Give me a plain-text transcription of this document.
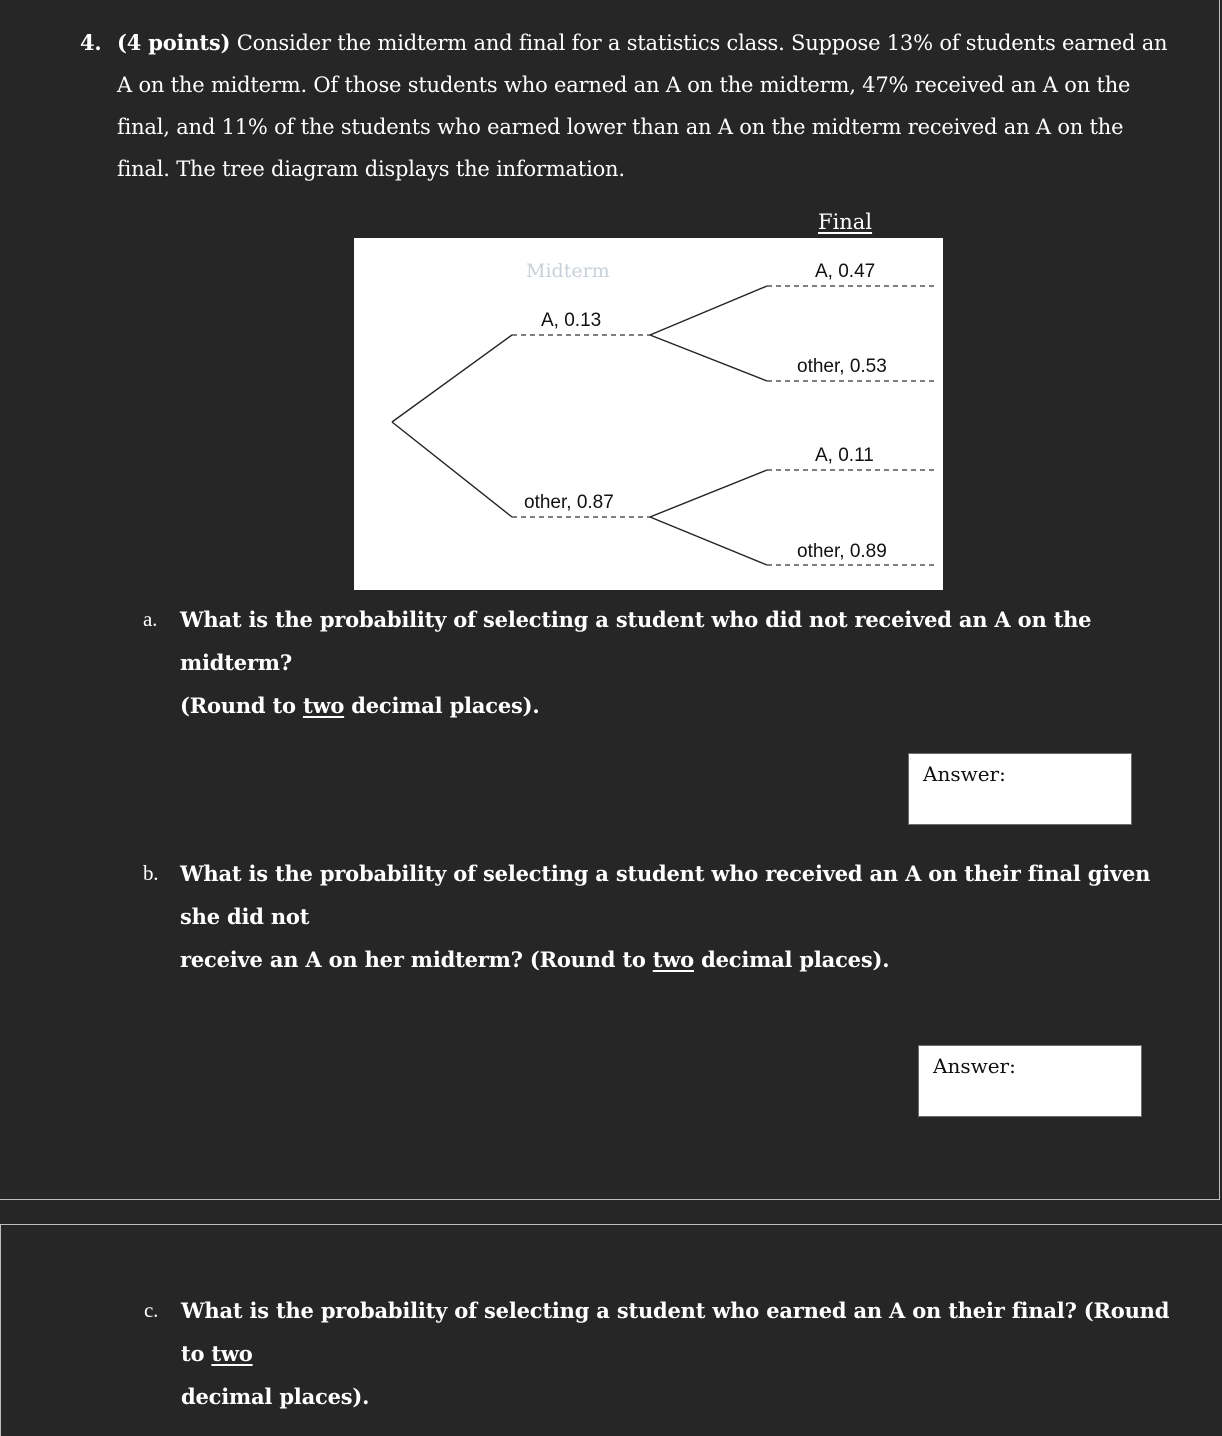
4. (4 points) Consider the midterm and final for a statistics class. Suppose 13% of students earned an A on the midterm. Of those students who earned an A on the midterm, 47% received an A on the final, and 11% of the students who earned lower than an A on the midterm received an A on the final. The tree diagram displays the information.
Final
Midterm
A, 0.13
other, 0.87
A, 0.47
other, 0.53
A, 0.11
other, 0.89
a. What is the probability of selecting a student who did not received an A on the midterm?
(Round to two decimal places).
Answer:
b. What is the probability of selecting a student who received an A on their final given she did not
receive an A on her midterm? (Round to two decimal places).
Answer:
c. What is the probability of selecting a student who earned an A on their final? (Round to two
decimal places).
